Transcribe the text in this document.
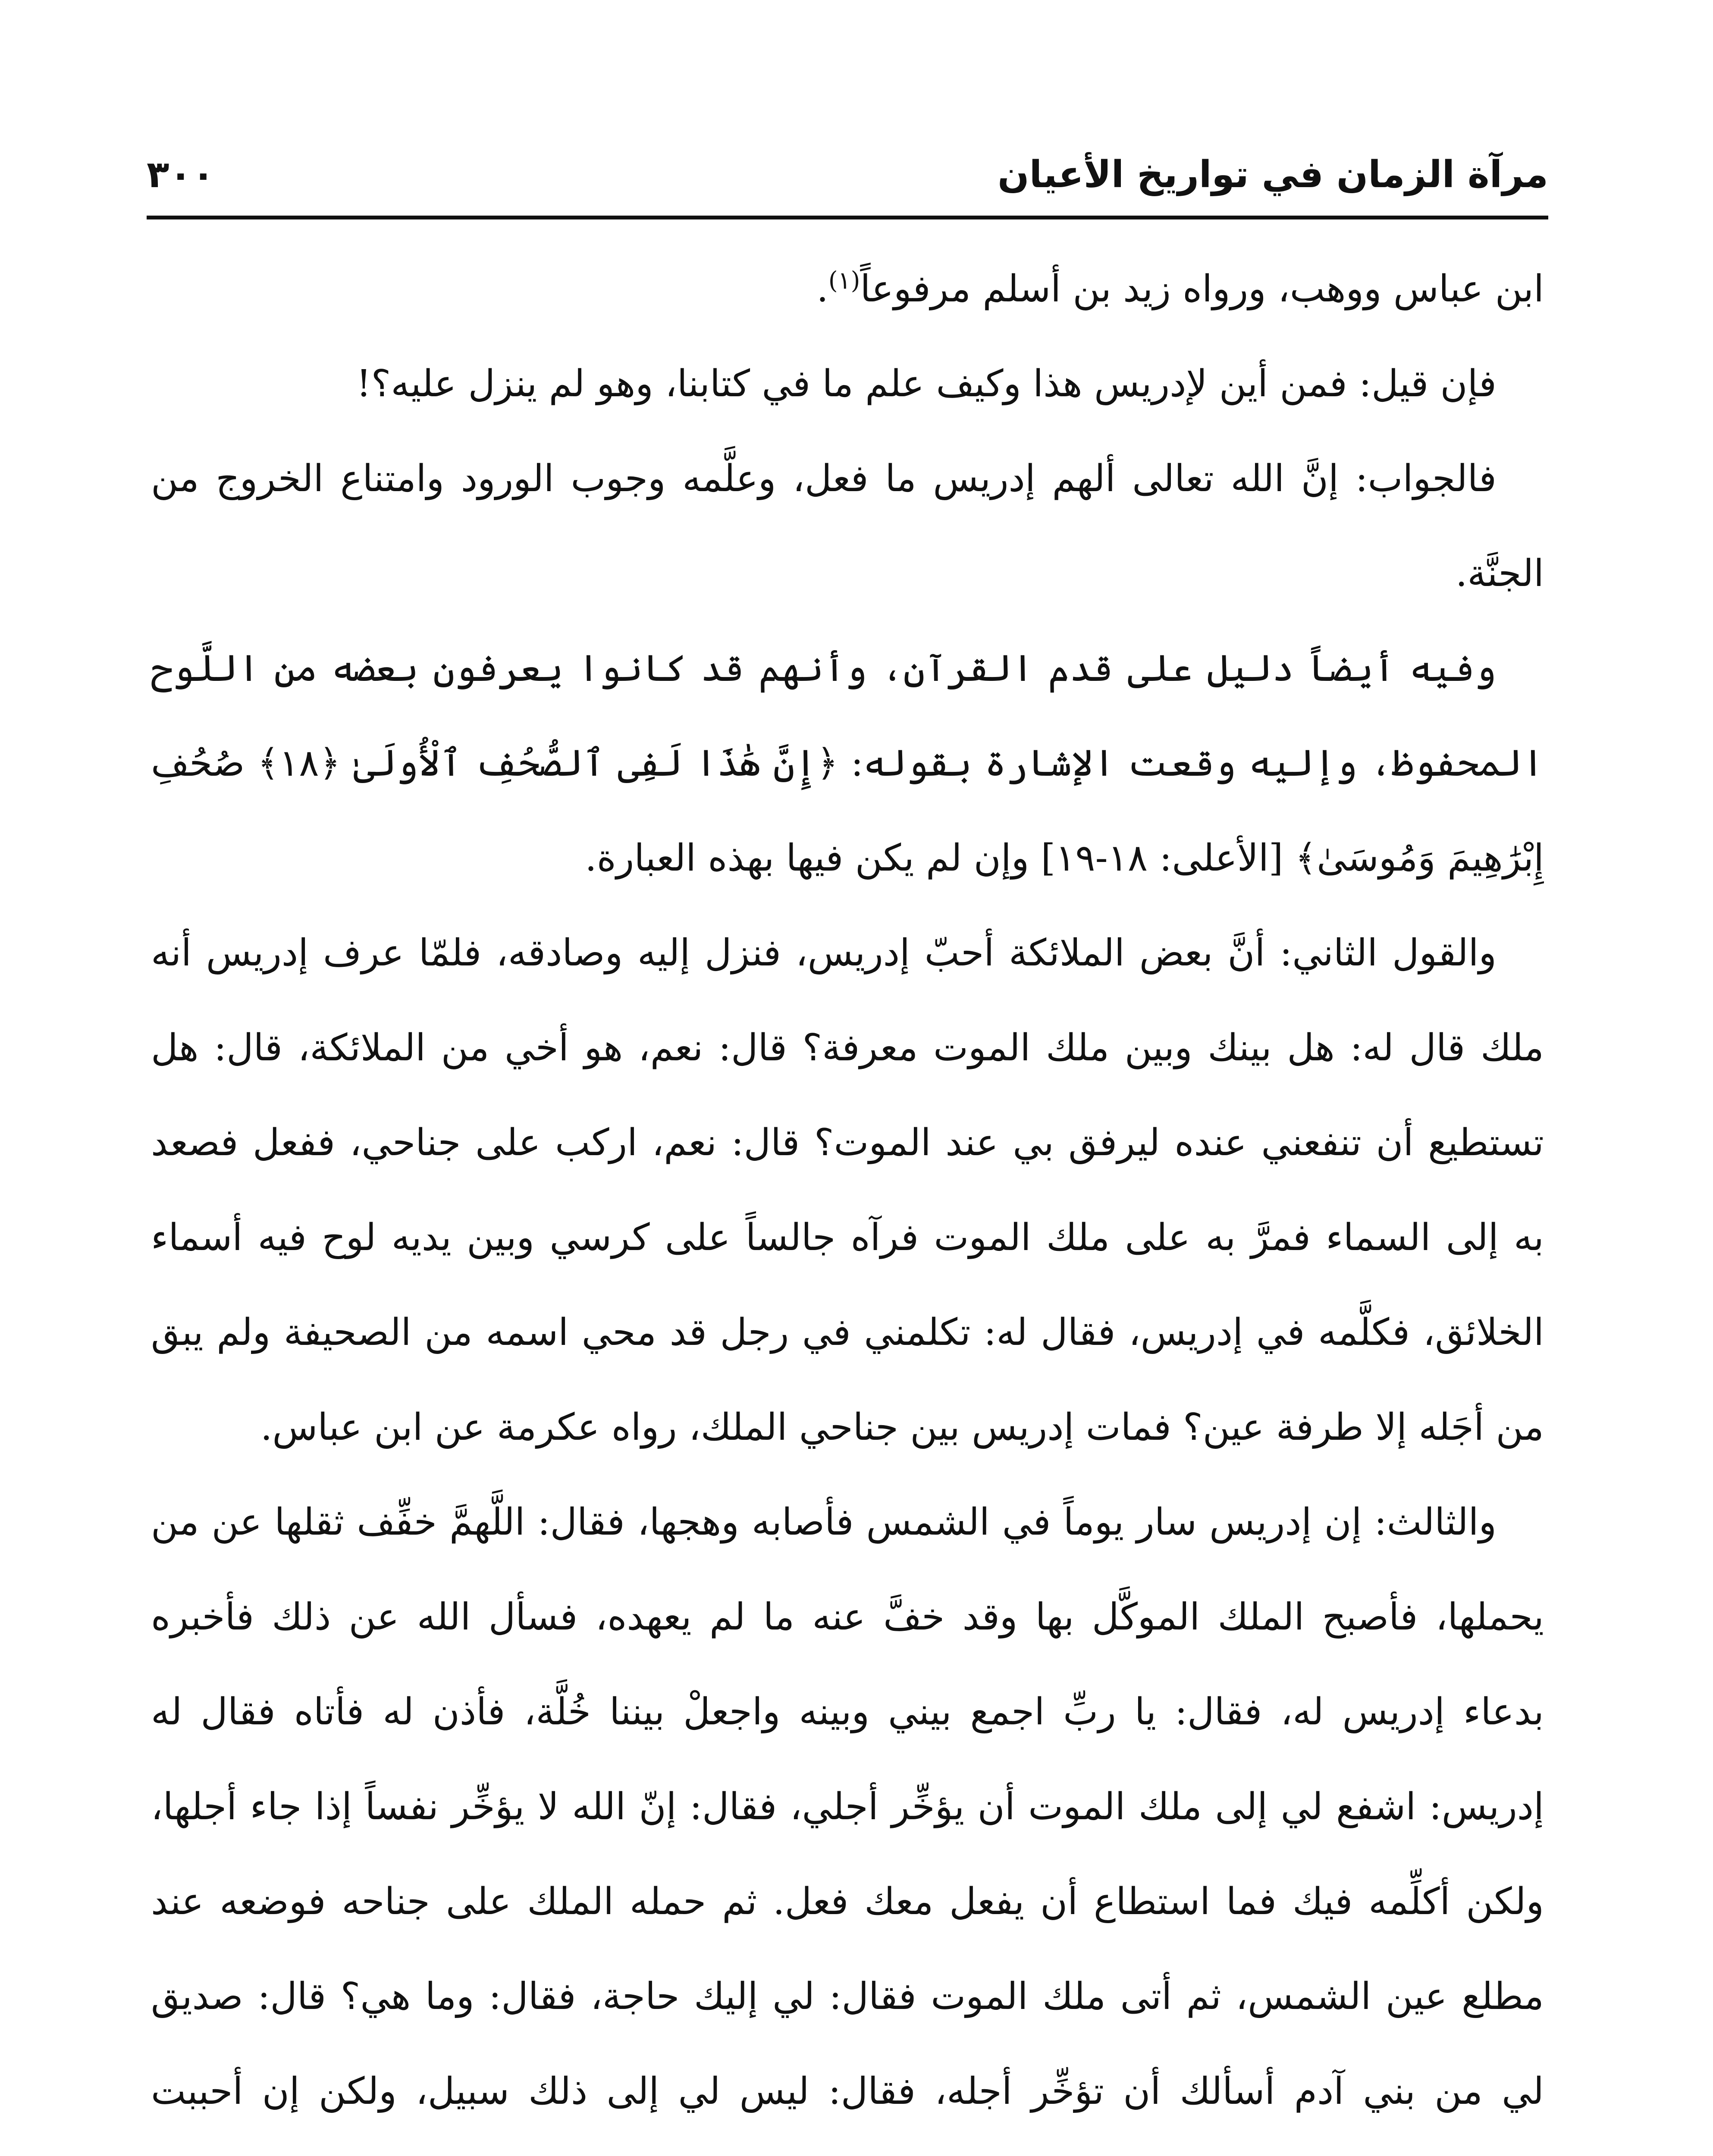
مرآة الزمان في تواريخ الأعيان
٣٠٠

ابن عباس ووهب، ورواه زيد بن أسلم مرفوعاً$^{(١)}$.

فإن قيل: فمن أين لإدريس هذا وكيف علم ما في كتابنا، وهو لم ينزل عليه؟!

فالجواب: إنَّ الله تعالى ألهم إدريس ما فعل، وعلَّمه وجوب الورود وامتناع الخروج من الجنَّة.

وفيه أيضاً دليل على قدم القرآن، وأنهم قد كانوا يعرفون بعضه من اللَّوح المحفوظ، وإليه وقعت الإشارة بقوله: ﴿إِنَّ هَٰذَا لَفِى ٱلصُّحُفِ ٱلْأُولَىٰ ﴿١٨﴾ صُحُفِ إِبْرَٰهِيمَ وَمُوسَىٰ﴾ [الأعلى: ١٨-١٩] وإن لم يكن فيها بهذه العبارة.

والقول الثاني: أنَّ بعض الملائكة أحبّ إدريس، فنزل إليه وصادقه، فلمّا عرف إدريس أنه ملك قال له: هل بينك وبين ملك الموت معرفة؟ قال: نعم، هو أخي من الملائكة، قال: هل تستطيع أن تنفعني عنده ليرفق بي عند الموت؟ قال: نعم، اركب على جناحي، ففعل فصعد به إلى السماء فمرَّ به على ملك الموت فرآه جالساً على كرسي وبين يديه لوح فيه أسماء الخلائق، فكلَّمه في إدريس، فقال له: تكلمني في رجل قد محي اسمه من الصحيفة ولم يبق من أجَله إلا طرفة عين؟ فمات إدريس بين جناحي الملك، رواه عكرمة عن ابن عباس.

والثالث: إن إدريس سار يوماً في الشمس فأصابه وهجها، فقال: اللَّهمَّ خفِّف ثقلها عن من يحملها، فأصبح الملك الموكَّل بها وقد خفَّ عنه ما لم يعهده، فسأل الله عن ذلك فأخبره بدعاء إدريس له، فقال: يا ربِّ اجمع بيني وبينه واجعلْ بيننا خُلَّة، فأذن له فأتاه فقال له إدريس: اشفع لي إلى ملك الموت أن يؤخِّر أجلي، فقال: إنّ الله لا يؤخِّر نفساً إذا جاء أجلها، ولكن أكلِّمه فيك فما استطاع أن يفعل معك فعل. ثم حمله الملك على جناحه فوضعه عند مطلع عين الشمس، ثم أتى ملك الموت فقال: لي إليك حاجة، فقال: وما هي؟ قال: صديق لي من بني آدم أسألك أن تؤخِّر أجله، فقال: ليس لي إلى ذلك سبيل، ولكن إن أحببت
